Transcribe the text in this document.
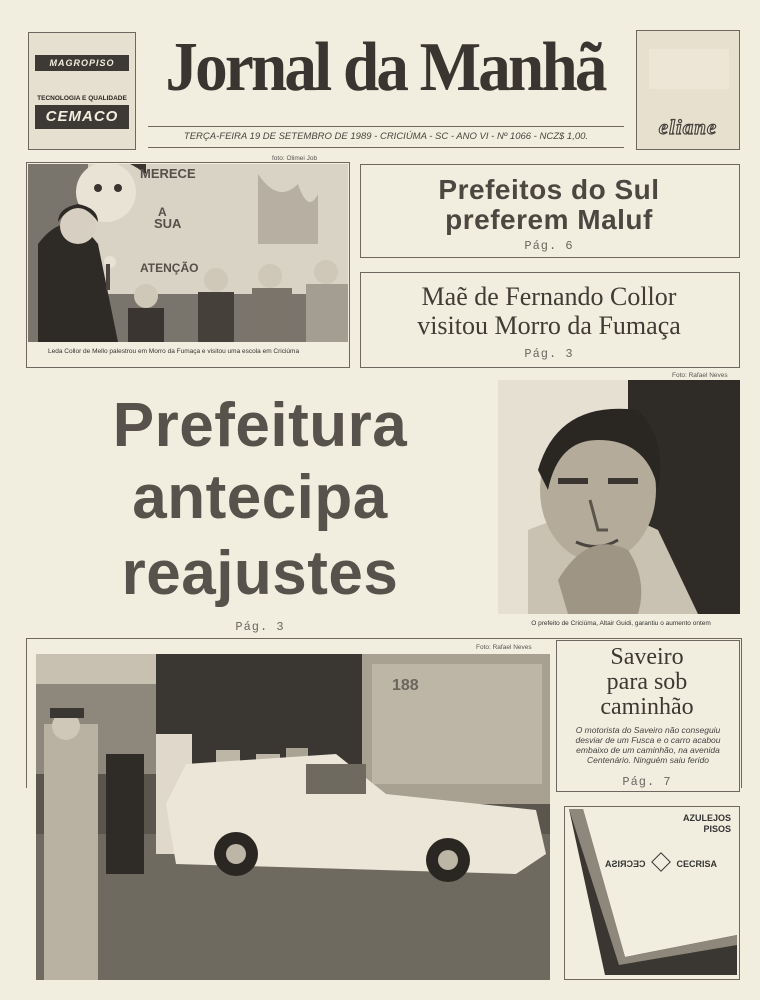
MAGROPISO
TECNOLOGIA E QUALIDADE
CEMACO
Jornal da Manhã
TERÇA-FEIRA 19 DE SETEMBRO DE 1989 - CRICIÚMA - SC - ANO VI - Nº 1066 - NCZ$ 1,00.	eliane
foto: Olimei Job
MERECE
A
SUA
ATENÇÃO
Leda Collor de Mello palestrou em Morro da Fumaça e visitou uma escola em Criciúma
Prefeitos do Sul
preferem Maluf
Pág. 6
Maẽ de Fernando Collor
visitou Morro da Fumaça
Pág. 3
Prefeitura
antecipa
reajustes
Pág. 3
Foto: Rafael Neves
O prefeito de Criciúma, Altair Guidi, garantiu o aumento ontem
Foto: Rafael Neves
188
Saveiro
para sob
caminhão
O motorista do Saveiro não conseguiu desviar de um Fusca e o carro acabou embaixo de um caminhão, na avenida Centenário. Ninguém saiu ferido
Pág. 7
AZULEJOS
PISOS
CECRISA	CECRISA
